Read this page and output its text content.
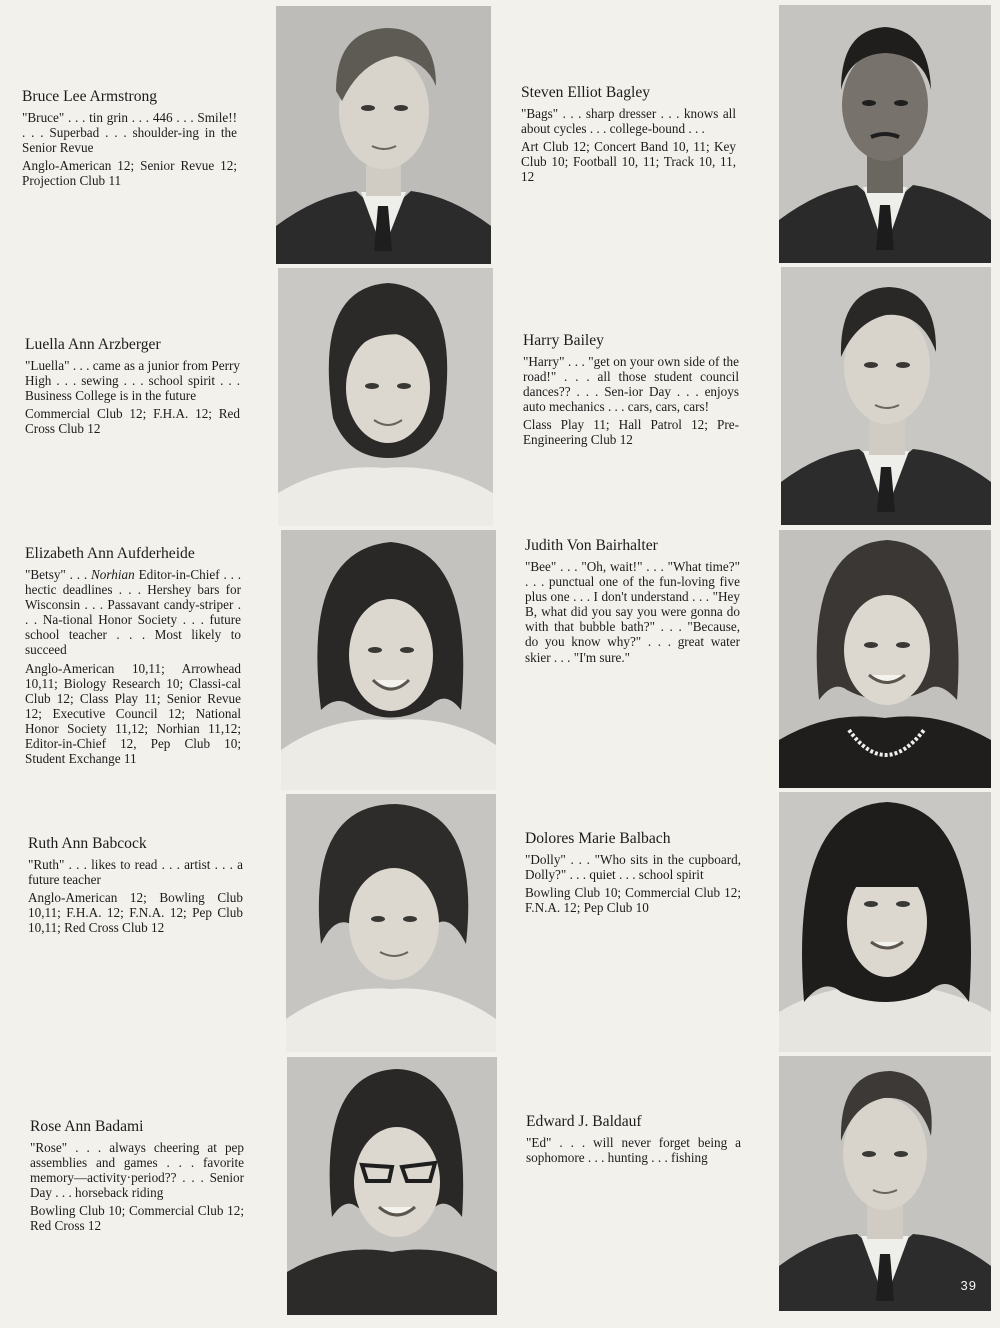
Bruce Lee Armstrong
"Bruce" . . . tin grin . . . 446 . . . Smile!! . . . Superbad . . . shoulder-ing in the Senior Revue
Anglo-American 12; Senior Revue 12; Projection Club 11
Luella Ann Arzberger
"Luella" . . . came as a junior from Perry High . . . sewing . . . school spirit . . . Business College is in the future
Commercial Club 12; F.H.A. 12; Red Cross Club 12
Elizabeth Ann Aufderheide
"Betsy" . . . Norhian Editor-in-Chief . . . hectic deadlines . . . Hershey bars for Wisconsin . . . Passavant candy-striper . . . Na-tional Honor Society . . . future school teacher . . . Most likely to succeed
Anglo-American 10,11; Arrowhead 10,11; Biology Research 10; Classi-cal Club 12; Class Play 11; Senior Revue 12; Executive Council 12; National Honor Society 11,12; Norhian 11,12; Editor-in-Chief 12, Pep Club 10; Student Exchange 11
Ruth Ann Babcock
"Ruth" . . . likes to read . . . artist . . . a future teacher
Anglo-American 12; Bowling Club 10,11; F.H.A. 12; F.N.A. 12; Pep Club 10,11; Red Cross Club 12
Rose Ann Badami
"Rose" . . . always cheering at pep assemblies and games . . . favorite memory—activity·period?? . . . Senior Day . . . horseback riding
Bowling Club 10; Commercial Club 12; Red Cross 12
Steven Elliot Bagley
"Bags" . . . sharp dresser . . . knows all about cycles . . . college-bound . . .
Art Club 12; Concert Band 10, 11; Key Club 10; Football 10, 11; Track 10, 11, 12
Harry Bailey
"Harry" . . . "get on your own side of the road!" . . . all those student council dances?? . . . Sen-ior Day . . . enjoys auto mechanics . . . cars, cars, cars!
Class Play 11; Hall Patrol 12; Pre-Engineering Club 12
Judith Von Bairhalter
"Bee" . . . "Oh, wait!" . . . "What time?" . . . punctual one of the fun-loving five plus one . . . I don't understand . . . "Hey B, what did you say you were gonna do with that bubble bath?" . . . "Because, do you know why?" . . . great water skier . . . "I'm sure."
Dolores Marie Balbach
"Dolly" . . . "Who sits in the cupboard, Dolly?" . . . quiet . . . school spirit
Bowling Club 10; Commercial Club 12; F.N.A. 12; Pep Club 10
Edward J. Baldauf
"Ed" . . . will never forget being a sophomore . . . hunting . . . fishing
39
